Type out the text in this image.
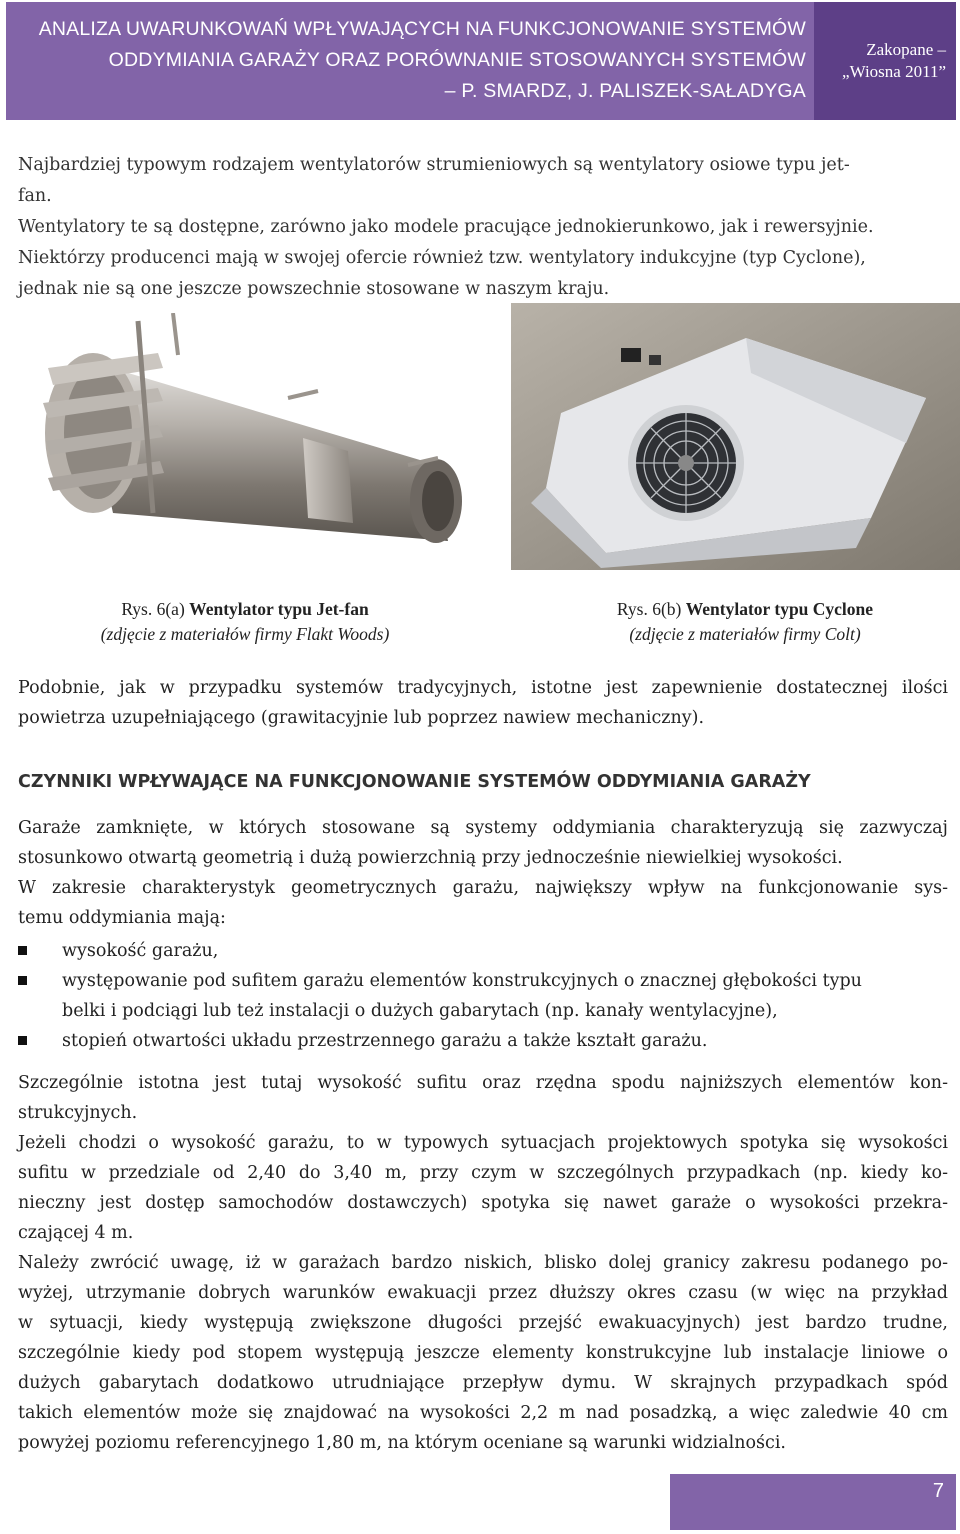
ANALIZA UWARUNKOWAŃ WPŁYWAJĄCYCH NA FUNKCJONOWANIE SYSTEMÓW
ODDYMIANIA GARAŻY ORAZ PORÓWNANIE STOSOWANYCH SYSTEMÓW
– P. SMARDZ, J. PALISZEK-SAŁADYGA
Zakopane –
„Wiosna 2011”
Najbardziej typowym rodzajem wentylatorów strumieniowych są wentylatory osiowe typu jet-
fan.
Wentylatory te są dostępne, zarówno jako modele pracujące jednokierunkowo, jak i rewersyjnie.
Niektórzy producenci mają w swojej ofercie również tzw. wentylatory indukcyjne (typ Cyclone),
jednak nie są one jeszcze powszechnie stosowane w naszym kraju.
Rys. 6(a) Wentylator typu Jet-fan
(zdjęcie z materiałów firmy Flakt Woods)
Rys. 6(b) Wentylator typu Cyclone
(zdjęcie z materiałów firmy Colt)
Podobnie, jak w przypadku systemów tradycyjnych, istotne jest zapewnienie dostatecznej ilości
powietrza uzupełniającego (grawitacyjnie lub poprzez nawiew mechaniczny).
CZYNNIKI WPŁYWAJĄCE NA FUNKCJONOWANIE SYSTEMÓW ODDYMIANIA GARAŻY
Garaże zamknięte, w których stosowane są systemy oddymiania charakteryzują się zazwyczaj
stosunkowo otwartą geometrią i dużą powierzchnią przy jednocześnie niewielkiej wysokości.
W zakresie charakterystyk geometrycznych garażu, największy wpływ na funkcjonowanie sys-
temu oddymiania mają:
wysokość garażu,
występowanie pod sufitem garażu elementów konstrukcyjnych o znacznej głębokości typu
belki i podciągi lub też instalacji o dużych gabarytach (np. kanały wentylacyjne),
stopień otwartości układu przestrzennego garażu a także kształt garażu.
Szczególnie istotna jest tutaj wysokość sufitu oraz rzędna spodu najniższych elementów kon-
strukcyjnych.
Jeżeli chodzi o wysokość garażu, to w typowych sytuacjach projektowych spotyka się wysokości
sufitu w przedziale od 2,40 do 3,40 m, przy czym w szczególnych przypadkach (np. kiedy ko-
nieczny jest dostęp samochodów dostawczych) spotyka się nawet garaże o wysokości przekra-
czającej 4 m.
Należy zwrócić uwagę, iż w garażach bardzo niskich, blisko dolej granicy zakresu podanego po-
wyżej, utrzymanie dobrych warunków ewakuacji przez dłuższy okres czasu (w więc na przykład
w sytuacji, kiedy występują zwiększone długości przejść ewakuacyjnych) jest bardzo trudne,
szczególnie kiedy pod stopem występują jeszcze elementy konstrukcyjne lub instalacje liniowe o
dużych gabarytach dodatkowo utrudniające przepływ dymu. W skrajnych przypadkach spód
takich elementów może się znajdować na wysokości 2,2 m nad posadzką, a więc zaledwie 40 cm
powyżej poziomu referencyjnego 1,80 m, na którym oceniane są warunki widzialności.
7
